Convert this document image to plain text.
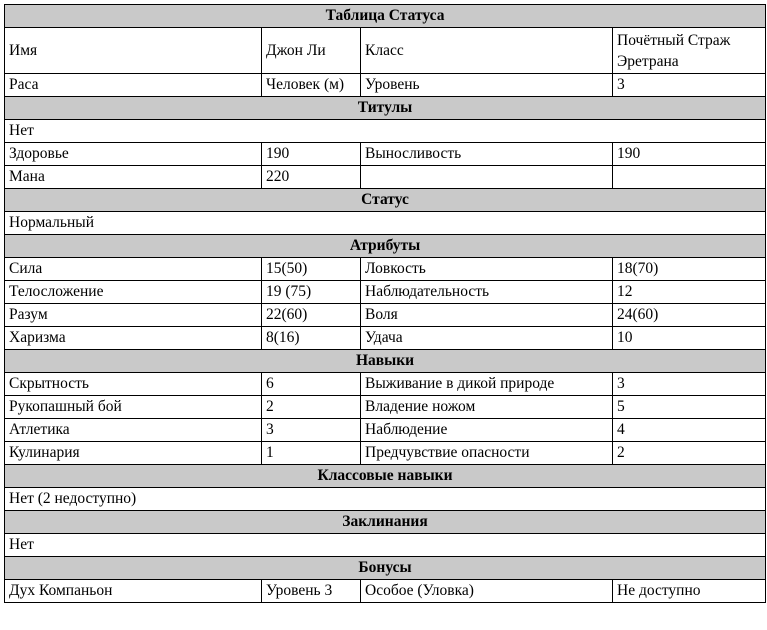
Таблица Статуса			
Имя	Джон Ли	Класс	Почётный Страж Эретрана
Раса	Человек (м)	Уровень	3
Титулы			
Нет			
Здоровье	190	Выносливость	190
Мана	220		
Статус			
Нормальный			
Атрибуты			
Сила	15(50)	Ловкость	18(70)
Телосложение	19 (75)	Наблюдательность	12
Разум	22(60)	Воля	24(60)
Харизма	8(16)	Удача	10
Навыки			
Скрытность	6	Выживание в дикой природе	3
Рукопашный бой	2	Владение ножом	5
Атлетика	3	Наблюдение	4
Кулинария	1	Предчувствие опасности	2
Классовые навыки			
Нет (2 недоступно)			
Заклинания			
Нет			
Бонусы			
Дух Компаньон	Уровень 3	Особое (Уловка)	Не доступно
